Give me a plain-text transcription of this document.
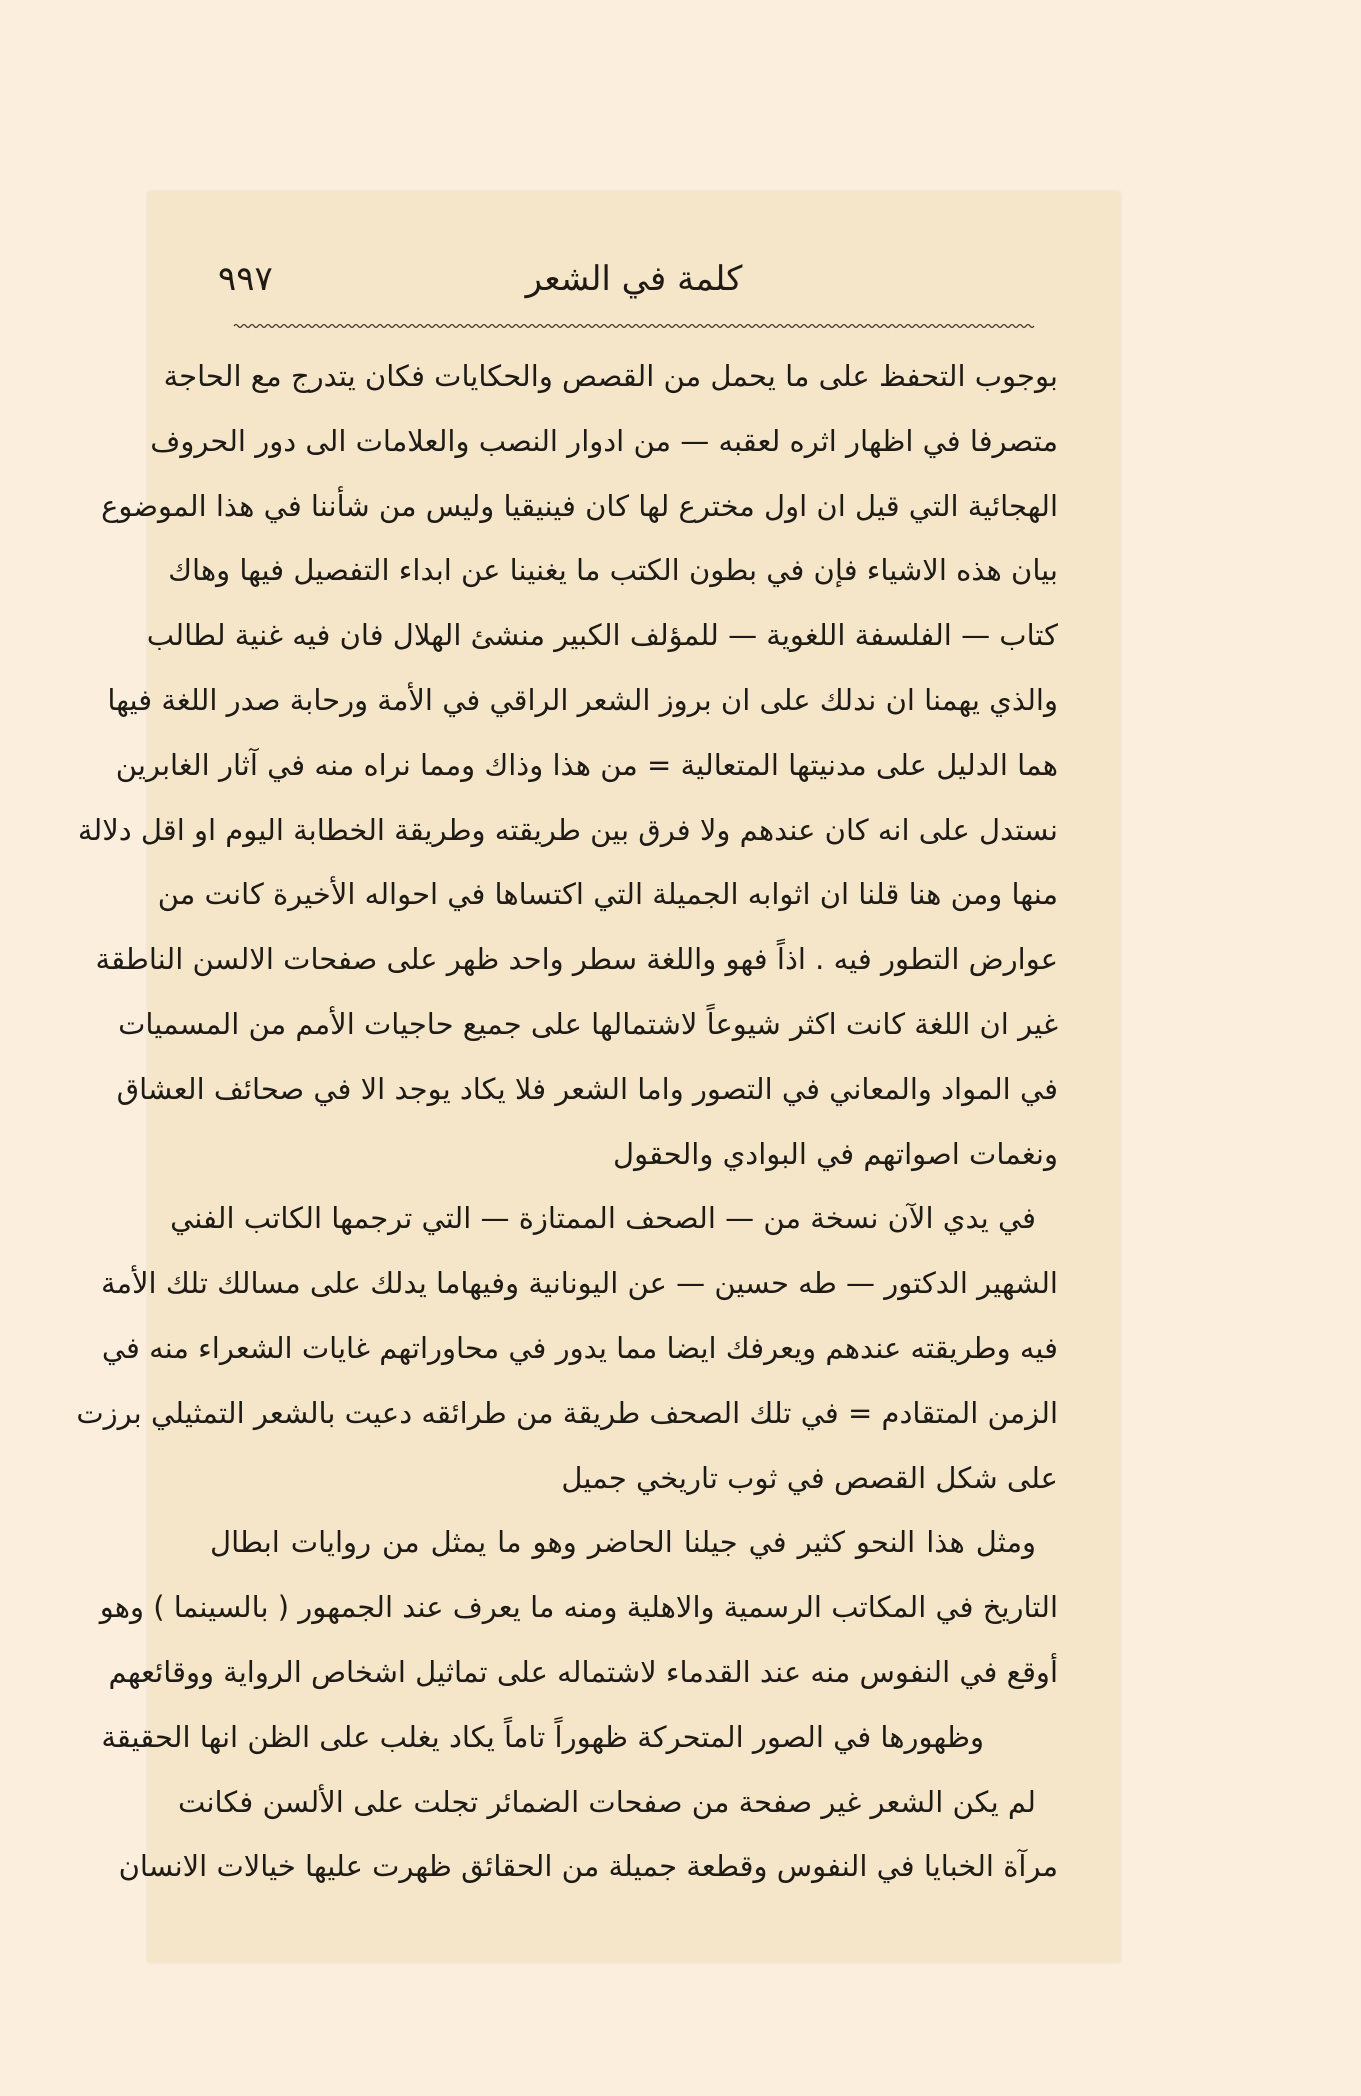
كلمة في الشعر
٩٩٧
بوجوب التحفظ على ما يحمل من القصص والحكايات فكان يتدرج مع الحاجة
متصرفا في اظهار اثره لعقبه — من ادوار النصب والعلامات الى دور الحروف
الهجائية التي قيل ان اول مخترع لها كان فينيقيا وليس من شأننا في هذا الموضوع
بيان هذه الاشياء فإن في بطون الكتب ما يغنينا عن ابداء التفصيل فيها وهاك
كتاب — الفلسفة اللغوية — للمؤلف الكبير منشئ الهلال فان فيه غنية لطالب
والذي يهمنا ان ندلك على ان بروز الشعر الراقي في الأمة ورحابة صدر اللغة فيها
هما الدليل على مدنيتها المتعالية = من هذا وذاك ومما نراه منه في آثار الغابرين
نستدل على انه كان عندهم ولا فرق بين طريقته وطريقة الخطابة اليوم او اقل دلالة
منها ومن هنا قلنا ان اثوابه الجميلة التي اكتساها في احواله الأخيرة كانت من
عوارض التطور فيه . اذاً فهو واللغة سطر واحد ظهر على صفحات الالسن الناطقة
غير ان اللغة كانت اكثر شيوعاً لاشتمالها على جميع حاجيات الأمم من المسميات
في المواد والمعاني في التصور واما الشعر فلا يكاد يوجد الا في صحائف العشاق
ونغمات اصواتهم في البوادي والحقول
في يدي الآن نسخة من — الصحف الممتازة — التي ترجمها الكاتب الفني
الشهير الدكتور — طه حسين — عن اليونانية وفيهاما يدلك على مسالك تلك الأمة
فيه وطريقته عندهم ويعرفك ايضا مما يدور في محاوراتهم غايات الشعراء منه في
الزمن المتقادم = في تلك الصحف طريقة من طرائقه دعيت بالشعر التمثيلي برزت
على شكل القصص في ثوب تاريخي جميل
ومثل هذا النحو كثير في جيلنا الحاضر وهو ما يمثل من روايات ابطال
التاريخ في المكاتب الرسمية والاهلية ومنه ما يعرف عند الجمهور ( بالسينما ) وهو
أوقع في النفوس منه عند القدماء لاشتماله على تماثيل اشخاص الرواية ووقائعهم
وظهورها في الصور المتحركة ظهوراً تاماً يكاد يغلب على الظن انها الحقيقة
لم يكن الشعر غير صفحة من صفحات الضمائر تجلت على الألسن فكانت
مرآة الخبايا في النفوس وقطعة جميلة من الحقائق ظهرت عليها خيالات الانسان
